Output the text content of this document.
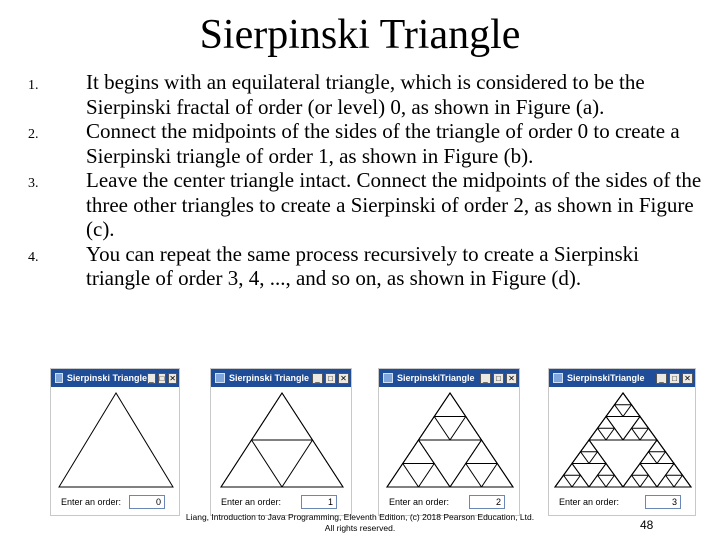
Sierpinski Triangle
1. It begins with an equilateral triangle, which is considered to be the Sierpinski fractal of order (or level) 0, as shown in Figure (a).
2. Connect the midpoints of the sides of the triangle of order 0 to create a Sierpinski triangle of order 1, as shown in Figure (b).
3. Leave the center triangle intact. Connect the midpoints of the sides of the three other triangles to create a Sierpinski of order 2, as shown in Figure (c).
4. You can repeat the same process recursively to create a Sierpinski triangle of order 3, 4, ..., and so on, as shown in Figure (d).
Sierpinski Triangle _ □ ✕
Enter an order:	0
Sierpinski Triangle _	□ ✕
Enter an order:	1
SierpinskiTriangle	_	□ ✕
Enter an order:	2
SierpinskiTriangle	_	□ ✕
Enter an order:	3
Liang, Introduction to Java Programming, Eleventh Edition, (c) 2018 Pearson Education, Ltd.
All rights reserved.	48
